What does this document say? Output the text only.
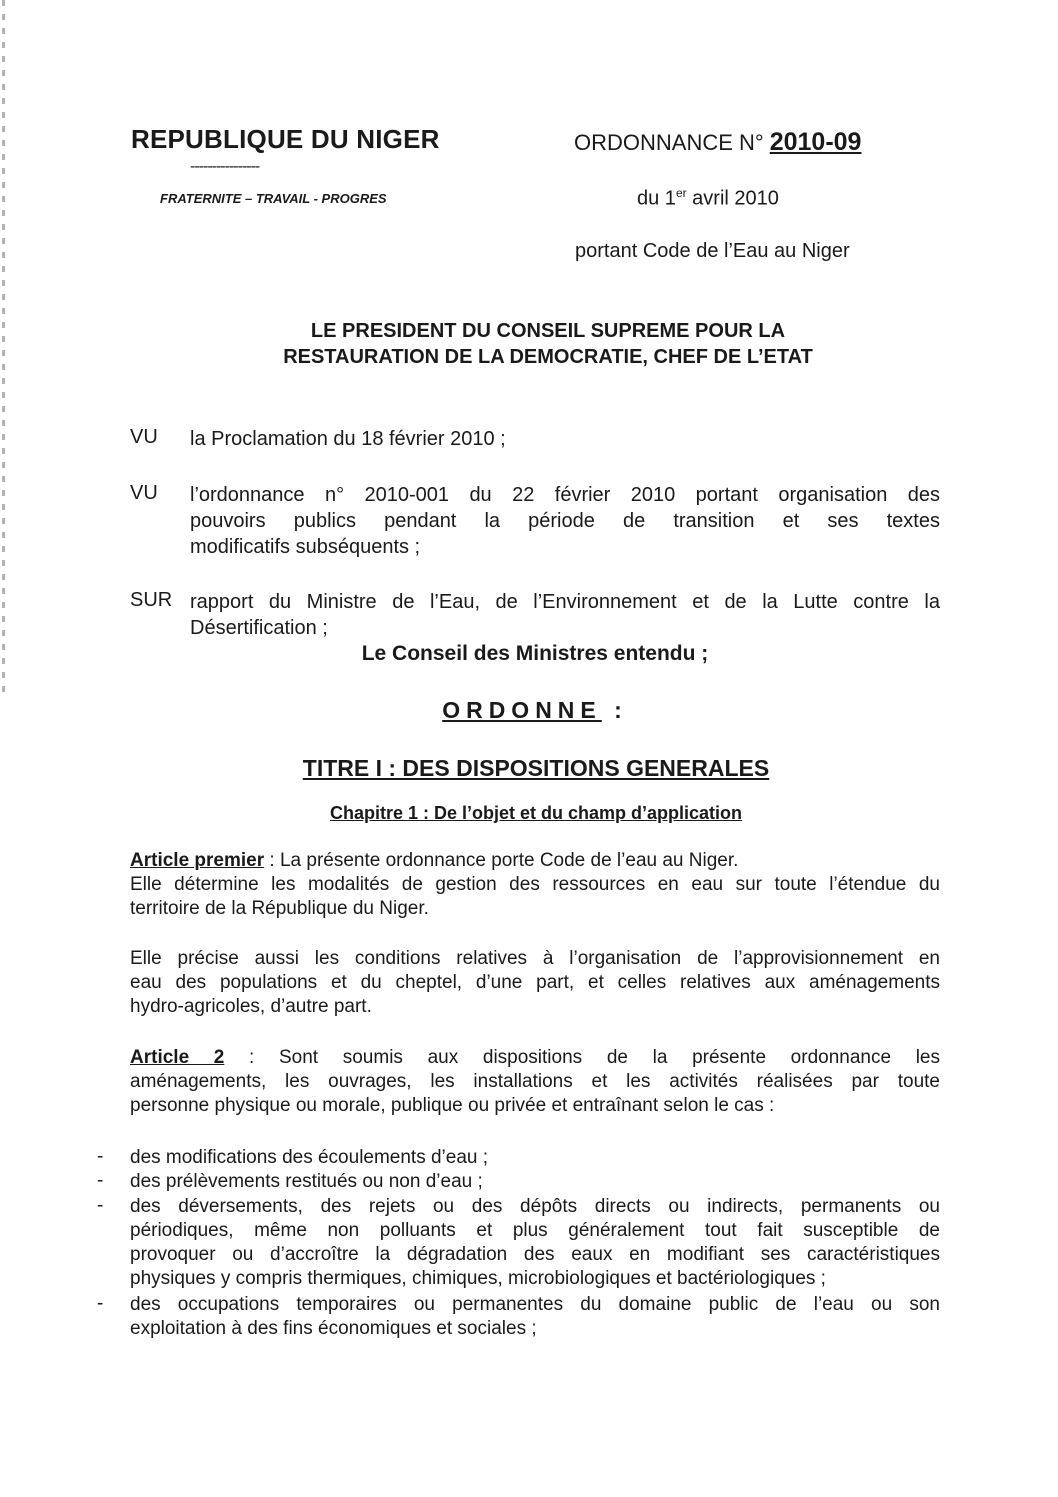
REPUBLIQUE DU NIGER
----------------
FRATERNITE – TRAVAIL - PROGRES
ORDONNANCE N° 2010-09
du 1er avril 2010
portant Code de l’Eau au Niger
LE PRESIDENT DU CONSEIL SUPREME POUR LA
RESTAURATION DE LA DEMOCRATIE, CHEF DE L’ETAT
VU la Proclamation du 18 février 2010 ;
VU l’ordonnance n° 2010-001 du 22 février 2010 portant organisation des
pouvoirs publics pendant la période de transition et ses textes
modificatifs subséquents ;
SUR rapport du Ministre de l’Eau, de l’Environnement et de la Lutte contre la
Désertification ;
Le Conseil des Ministres entendu ;
ORDONNE :
TITRE I : DES DISPOSITIONS GENERALES
Chapitre 1 : De l’objet et du champ d’application
Article premier : La présente ordonnance porte Code de l’eau au Niger.
Elle détermine les modalités de gestion des ressources en eau sur toute l’étendue du
territoire de la République du Niger.
Elle précise aussi les conditions relatives à l’organisation de l’approvisionnement en
eau des populations et du cheptel, d’une part, et celles relatives aux aménagements
hydro-agricoles, d’autre part.
Article 2 : Sont soumis aux dispositions de la présente ordonnance les
aménagements, les ouvrages, les installations et les activités réalisées par toute
personne physique ou morale, publique ou privée et entraînant selon le cas :
- des modifications des écoulements d’eau ;
- des prélèvements restitués ou non d’eau ;
- des déversements, des rejets ou des dépôts directs ou indirects, permanents ou
périodiques, même non polluants et plus généralement tout fait susceptible de
provoquer ou d’accroître la dégradation des eaux en modifiant ses caractéristiques
physiques y compris thermiques, chimiques, microbiologiques et bactériologiques ;
- des occupations temporaires ou permanentes du domaine public de l’eau ou son
exploitation à des fins économiques et sociales ;
